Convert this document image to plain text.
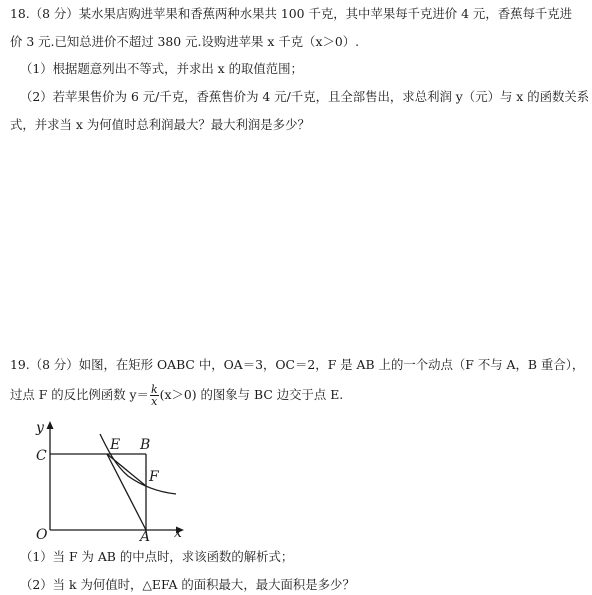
18.（8 分）某水果店购进苹果和香蕉两种水果共 100 千克，其中苹果每千克进价 4 元，香蕉每千克进
价 3 元.已知总进价不超过 380 元.设购进苹果 x 千克（x＞0）.
（1）根据题意列出不等式，并求出 x 的取值范围；
（2）若苹果售价为 6 元/千克，香蕉售价为 4 元/千克，且全部售出，求总利润 y（元）与 x 的函数关系
式，并求当 x 为何值时总利润最大？最大利润是多少？
19.（8 分）如图，在矩形 OABC 中，OA＝3，OC＝2，F 是 AB 上的一个动点（F 不与 A，B 重合），
过点 F 的反比例函数 $y= \frac{k}{x} (x>0)$ 的图象与 BC 边交于点 E.
y
C
O
E B
F
A x
（1）当 F 为 AB 的中点时，求该函数的解析式；
（2）当 k 为何值时，△EFA 的面积最大，最大面积是多少？
